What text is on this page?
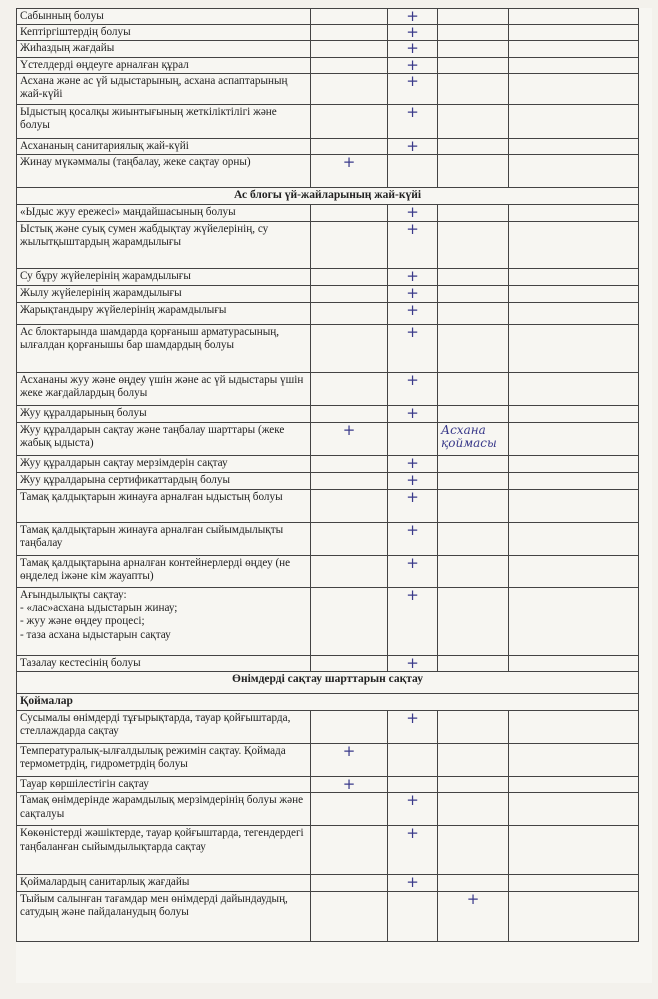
Сабынның болуы		+		
Кептіргіштердің болуы		+		
Жиһаздың жағдайы		+		
Үстелдерді өңдеуге арналған құрал		+		
Асхана және ас үй ыдыстарының, асхана аспаптарының жай-күйі		+		
Ыдыстың қосалқы жиынтығының жеткіліктілігі және болуы		+		
Асхананың санитариялық жай-күйі		+		
Жинау мүкәммалы (таңбалау, жеке сақтау орны)	+			
Ас блогы үй-жайларының жай-күйі				
«Ыдыс жуу ережесі» маңдайшасының болуы		+		
Ыстық және суық сумен жабдықтау жүйелерінің, су жылытқыштардың жарамдылығы		+		
Су бұру жүйелерінің жарамдылығы		+		
Жылу жүйелерінің жарамдылығы		+		
Жарықтандыру жүйелерінің жарамдылығы		+		
Ас блоктарында шамдарда қорғаныш арматурасының, ылғалдан қорғанышы бар шамдардың болуы		+		
Асхананы жуу және өңдеу үшін және ас үй ыдыстары үшін жеке жағдайлардың болуы		+		
Жуу құралдарының болуы		+		
Жуу құралдарын сақтау және таңбалау шарттары (жеке жабық ыдыста)	+		Асхана қоймасы	
Жуу құралдарын сақтау мерзімдерін сақтау		+		
Жуу құралдарына сертификаттардың болуы		+		
Тамақ қалдықтарын жинауға арналған ыдыстың болуы		+		
Тамақ қалдықтарын жинауға арналған сыйымдылықты таңбалау		+		
Тамақ қалдықтарына арналған контейнерлерді өңдеу (не өңделед іжәне кім жауапты)		+		
Ағындылықты сақтау:
- «лас»асхана ыдыстарын жинау;
- жуу және өңдеу процесі;
- таза асхана ыдыстарын сақтау		+		
Тазалау кестесінің болуы		+		
Өнімдерді сақтау шарттарын сақтау				
Қоймалар				
Сусымалы өнімдерді тұғырықтарда, тауар қойғыштарда, стеллаждарда сақтау		+		
Температуралық-ылғалдылық режимін сақтау. Қоймада термометрдің, гидрометрдің болуы	+			
Тауар көршілестігін сақтау	+			
Тамақ өнімдерінде жарамдылық мерзімдерінің болуы және сақталуы		+		
Көкөністерді жәшіктерде, тауар қойғыштарда, тегендердегі таңбаланған сыйымдылықтарда сақтау		+		
Қоймалардың санитарлық жағдайы		+		
Тыйым салынған тағамдар мен өнімдерді дайындаудың, сатудың және пайдаланудың болуы			+	
